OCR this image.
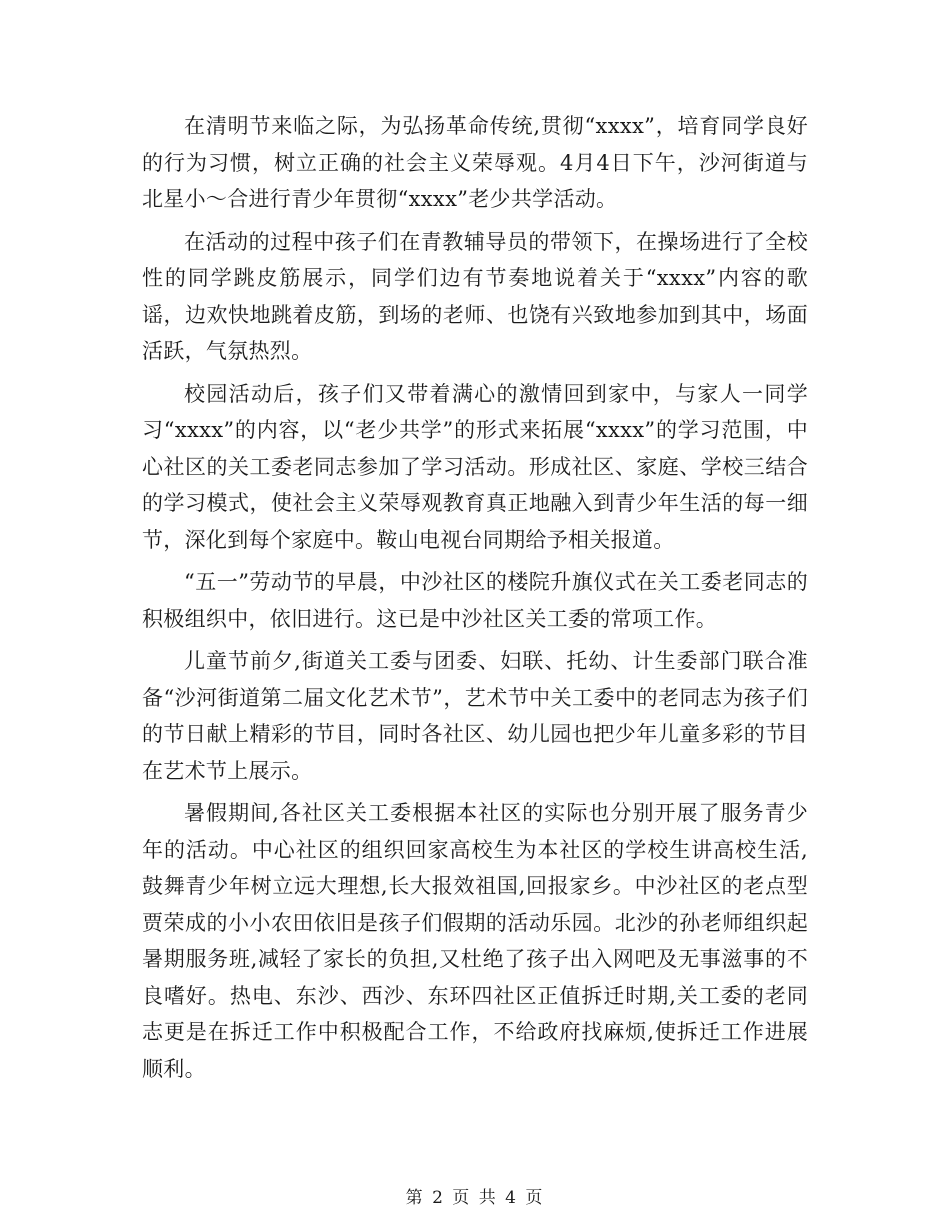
在清明节来临之际，为弘扬革命传统,贯彻“xxxx”，培育同学良好的行为习惯，树立正确的社会主义荣辱观。4月4日下午，沙河街道与北星小～合进行青少年贯彻“xxxx”老少共学活动。

在活动的过程中孩子们在青教辅导员的带领下，在操场进行了全校性的同学跳皮筋展示，同学们边有节奏地说着关于“xxxx”内容的歌谣，边欢快地跳着皮筋，到场的老师、也饶有兴致地参加到其中，场面活跃，气氛热烈。

校园活动后，孩子们又带着满心的激情回到家中，与家人一同学习“xxxx”的内容，以“老少共学”的形式来拓展“xxxx”的学习范围，中心社区的关工委老同志参加了学习活动。形成社区、家庭、学校三结合的学习模式，使社会主义荣辱观教育真正地融入到青少年生活的每一细节，深化到每个家庭中。鞍山电视台同期给予相关报道。

“五一”劳动节的早晨，中沙社区的楼院升旗仪式在关工委老同志的积极组织中，依旧进行。这已是中沙社区关工委的常项工作。

儿童节前夕,街道关工委与团委、妇联、托幼、计生委部门联合准备“沙河街道第二届文化艺术节”，艺术节中关工委中的老同志为孩子们的节日献上精彩的节目，同时各社区、幼儿园也把少年儿童多彩的节目在艺术节上展示。

暑假期间,各社区关工委根据本社区的实际也分别开展了服务青少年的活动。中心社区的组织回家高校生为本社区的学校生讲高校生活,鼓舞青少年树立远大理想,长大报效祖国,回报家乡。中沙社区的老点型贾荣成的小小农田依旧是孩子们假期的活动乐园。北沙的孙老师组织起暑期服务班,减轻了家长的负担,又杜绝了孩子出入网吧及无事滋事的不良嗜好。热电、东沙、西沙、东环四社区正值拆迁时期,关工委的老同志更是在拆迁工作中积极配合工作，不给政府找麻烦,使拆迁工作进展顺利。

第 2 页 共 4 页
